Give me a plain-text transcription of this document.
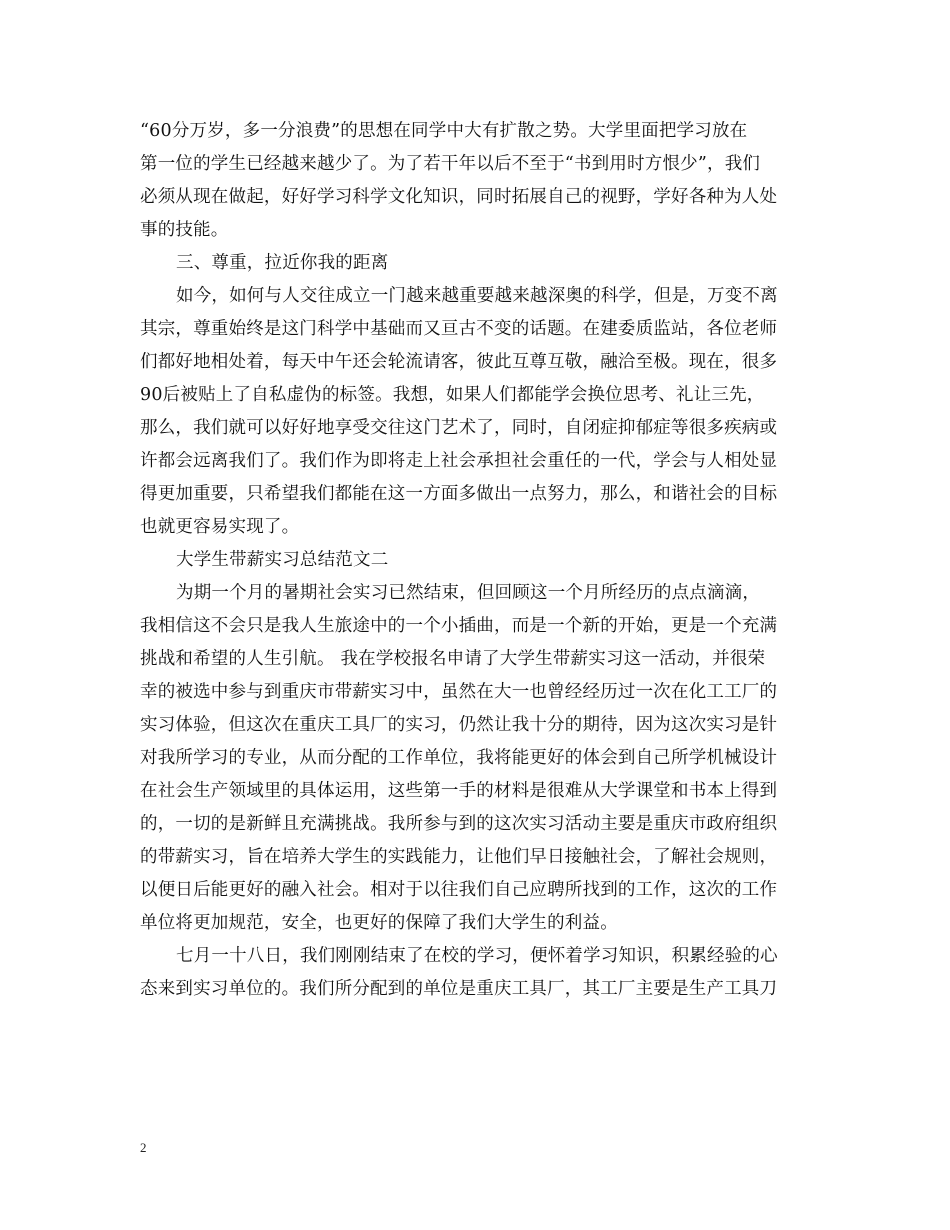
“60分万岁，多一分浪费”的思想在同学中大有扩散之势。大学里面把学习放在
第一位的学生已经越来越少了。为了若干年以后不至于“书到用时方恨少”，我们
必须从现在做起，好好学习科学文化知识，同时拓展自己的视野，学好各种为人处
事的技能。
三、尊重，拉近你我的距离
如今，如何与人交往成立一门越来越重要越来越深奥的科学，但是，万变不离
其宗，尊重始终是这门科学中基础而又亘古不变的话题。在建委质监站，各位老师
们都好地相处着，每天中午还会轮流请客，彼此互尊互敬，融洽至极。现在，很多
90后被贴上了自私虚伪的标签。我想，如果人们都能学会换位思考、礼让三先，
那么，我们就可以好好地享受交往这门艺术了，同时，自闭症抑郁症等很多疾病或
许都会远离我们了。我们作为即将走上社会承担社会重任的一代，学会与人相处显
得更加重要，只希望我们都能在这一方面多做出一点努力，那么，和谐社会的目标
也就更容易实现了。
大学生带薪实习总结范文二
为期一个月的暑期社会实习已然结束，但回顾这一个月所经历的点点滴滴，
我相信这不会只是我人生旅途中的一个小插曲，而是一个新的开始，更是一个充满
挑战和希望的人生引航。 我在学校报名申请了大学生带薪实习这一活动，并很荣
幸的被选中参与到重庆市带薪实习中，虽然在大一也曾经经历过一次在化工工厂的
实习体验，但这次在重庆工具厂的实习，仍然让我十分的期待，因为这次实习是针
对我所学习的专业，从而分配的工作单位，我将能更好的体会到自己所学机械设计
在社会生产领域里的具体运用，这些第一手的材料是很难从大学课堂和书本上得到
的，一切的是新鲜且充满挑战。我所参与到的这次实习活动主要是重庆市政府组织
的带薪实习，旨在培养大学生的实践能力，让他们早日接触社会，了解社会规则，
以便日后能更好的融入社会。相对于以往我们自己应聘所找到的工作，这次的工作
单位将更加规范，安全，也更好的保障了我们大学生的利益。
七月一十八日，我们刚刚结束了在校的学习，便怀着学习知识，积累经验的心
态来到实习单位的。我们所分配到的单位是重庆工具厂，其工厂主要是生产工具刀
2
